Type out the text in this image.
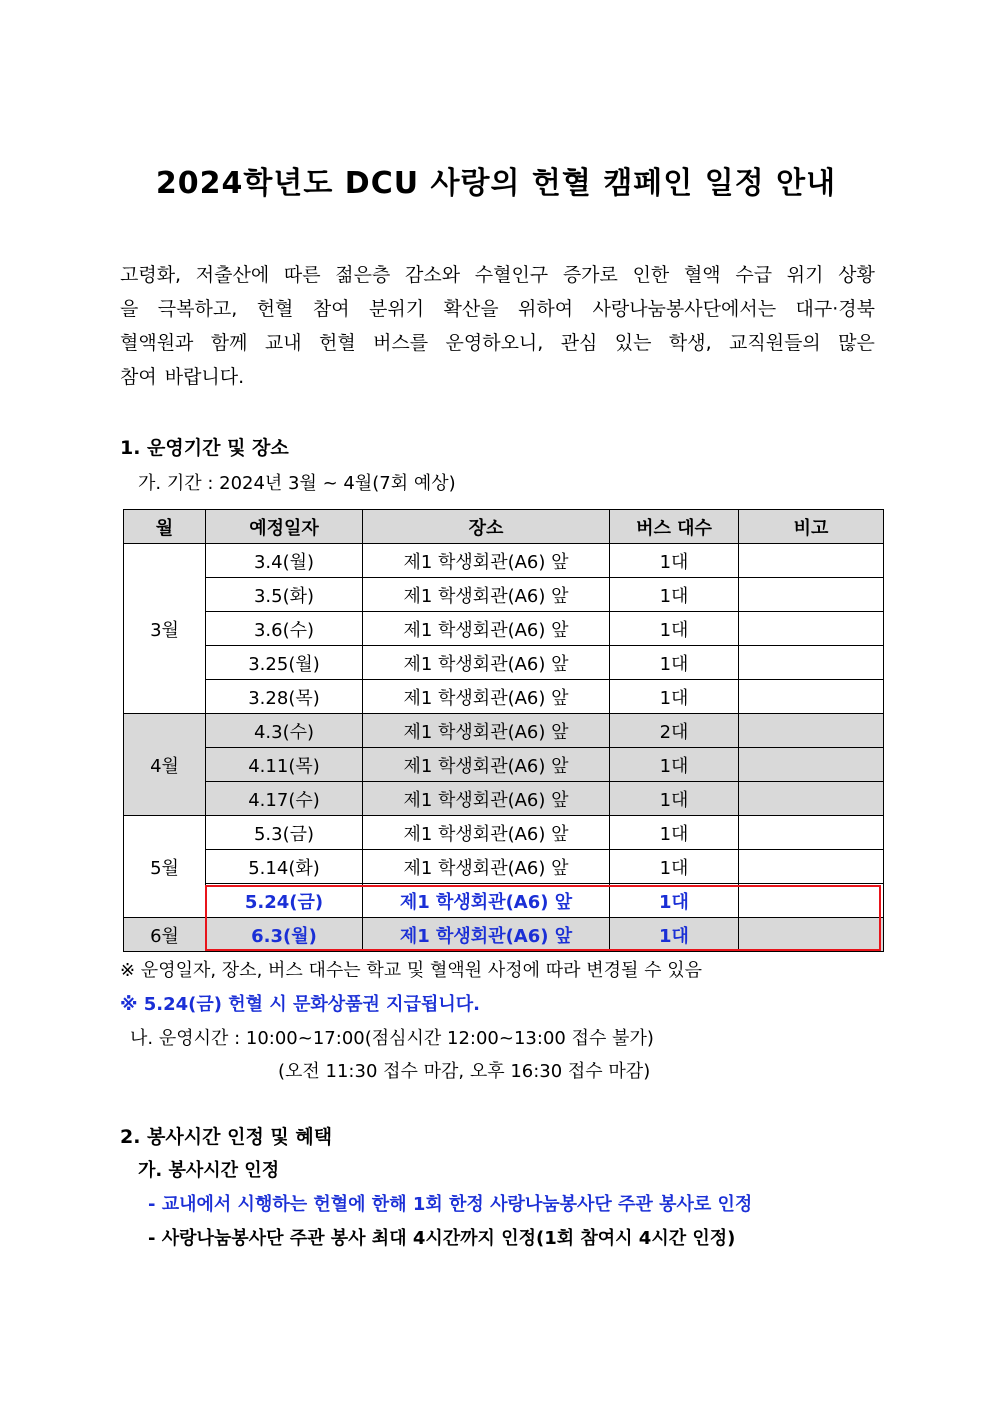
2024학년도 DCU 사랑의 헌혈 캠페인 일정 안내
고령화, 저출산에 따른 젊은층 감소와 수혈인구 증가로 인한 혈액 수급 위기 상황
을 극복하고, 헌혈 참여 분위기 확산을 위하여 사랑나눔봉사단에서는 대구·경북
혈액원과 함께 교내 헌혈 버스를 운영하오니, 관심 있는 학생, 교직원들의 많은
참여 바랍니다.
1. 운영기간 및 장소
가. 기간 : 2024년 3월 ~ 4월(7회 예상)
월	예정일자	장소	버스 대수	비고
3월	3.4(월)	제1 학생회관(A6) 앞	1대	
	3.5(화)	제1 학생회관(A6) 앞	1대	
	3.6(수)	제1 학생회관(A6) 앞	1대	
	3.25(월)	제1 학생회관(A6) 앞	1대	
	3.28(목)	제1 학생회관(A6) 앞	1대	
4월	4.3(수)	제1 학생회관(A6) 앞	2대	
	4.11(목)	제1 학생회관(A6) 앞	1대	
	4.17(수)	제1 학생회관(A6) 앞	1대	
5월	5.3(금)	제1 학생회관(A6) 앞	1대	
	5.14(화)	제1 학생회관(A6) 앞	1대	
	5.24(금)	제1 학생회관(A6) 앞	1대	
6월	6.3(월)	제1 학생회관(A6) 앞	1대	
※ 운영일자, 장소, 버스 대수는 학교 및 혈액원 사정에 따라 변경될 수 있음
※ 5.24(금) 헌혈 시 문화상품권 지급됩니다.
나. 운영시간 : 10:00~17:00(점심시간 12:00~13:00 접수 불가)
(오전 11:30 접수 마감, 오후 16:30 접수 마감)
2. 봉사시간 인정 및 혜택
가. 봉사시간 인정
- 교내에서 시행하는 헌혈에 한해 1회 한정 사랑나눔봉사단 주관 봉사로 인정
- 사랑나눔봉사단 주관 봉사 최대 4시간까지 인정(1회 참여시 4시간 인정)
